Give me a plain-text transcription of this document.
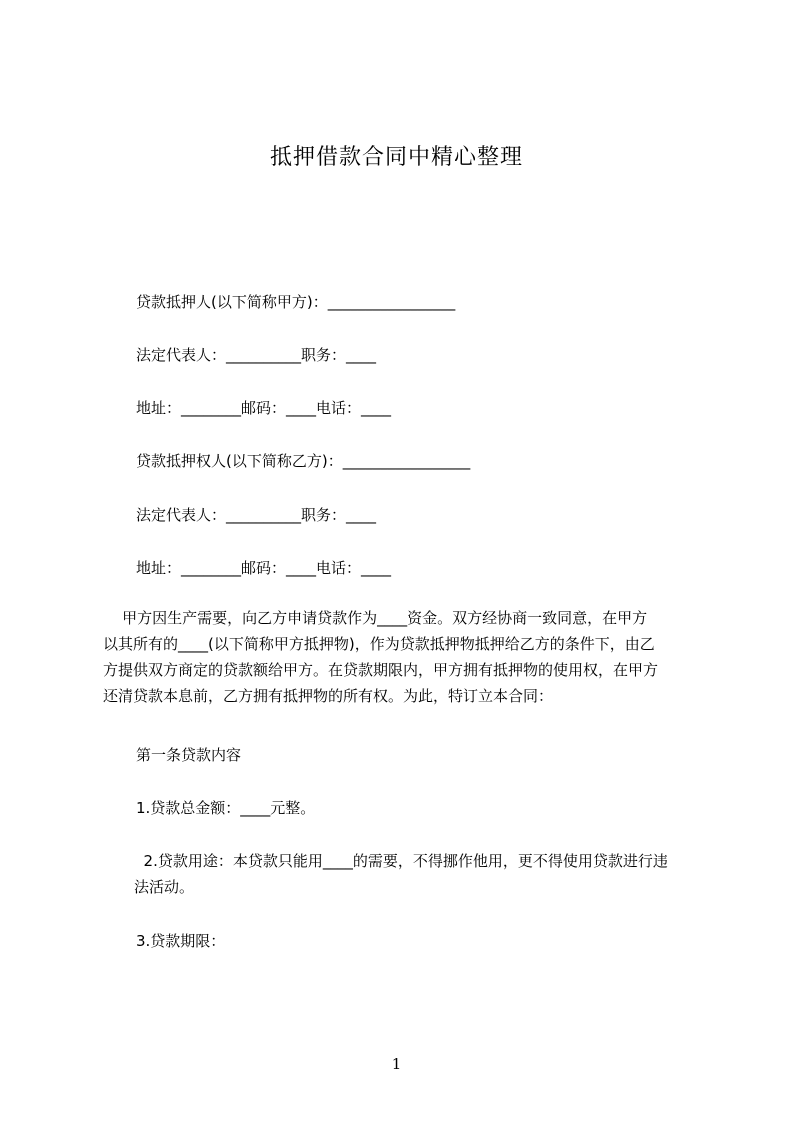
抵押借款合同中精心整理
贷款抵押人(以下简称甲方)：_________________
法定代表人：__________职务：____
地址：________邮码：____电话：____
贷款抵押权人(以下简称乙方)：_________________
法定代表人：__________职务：____
地址：________邮码：____电话：____
甲方因生产需要，向乙方申请贷款作为____资金。双方经协商一致同意，在甲方
以其所有的____(以下简称甲方抵押物)，作为贷款抵押物抵押给乙方的条件下，由乙
方提供双方商定的贷款额给甲方。在贷款期限内，甲方拥有抵押物的使用权，在甲方
还清贷款本息前，乙方拥有抵押物的所有权。为此，特订立本合同：
第一条贷款内容
1.贷款总金额：____元整。
2.贷款用途：本贷款只能用____的需要，不得挪作他用，更不得使用贷款进行违
法活动。
3.贷款期限：
1
